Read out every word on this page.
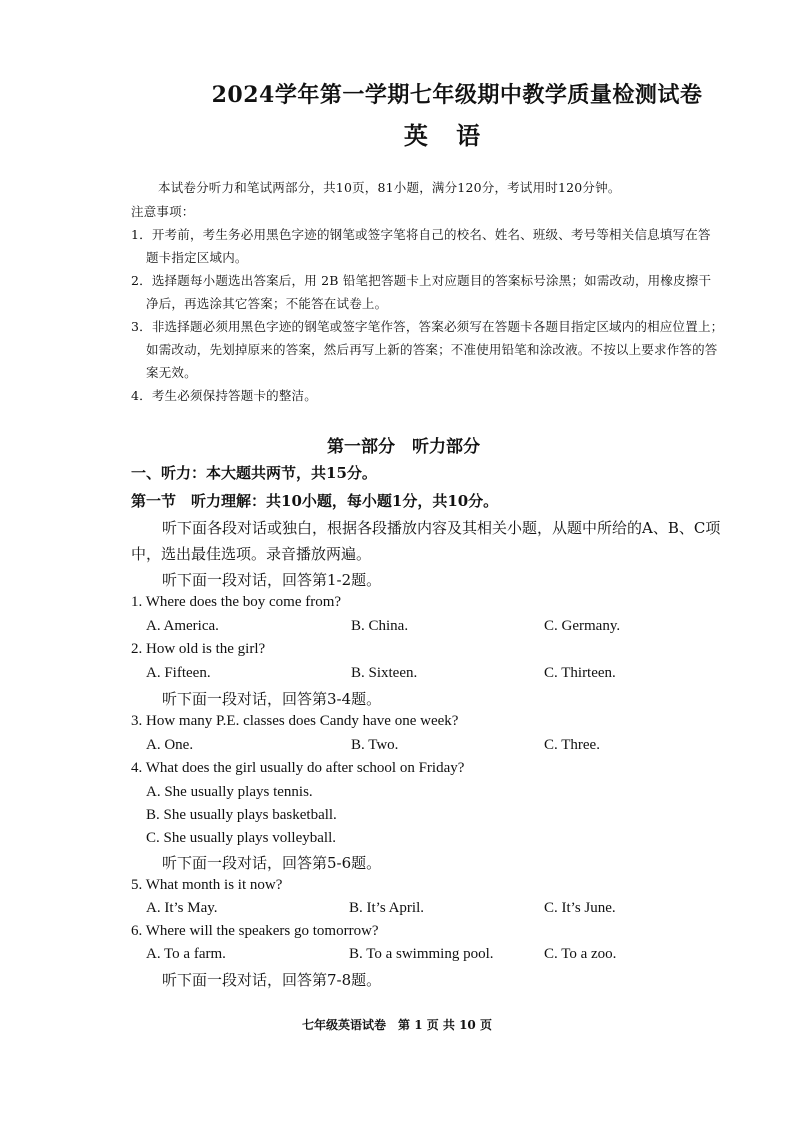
2024学年第一学期七年级期中教学质量检测试卷
英 语
本试卷分听力和笔试两部分，共10页，81小题，满分120分，考试用时120分钟。
注意事项：
1．开考前，考生务必用黑色字迹的钢笔或签字笔将自己的校名、姓名、班级、考号等相关信息填写在答
题卡指定区域内。
2．选择题每小题选出答案后，用 2B 铅笔把答题卡上对应题目的答案标号涂黑；如需改动，用橡皮擦干
净后，再选涂其它答案；不能答在试卷上。
3．非选择题必须用黑色字迹的钢笔或签字笔作答，答案必须写在答题卡各题目指定区域内的相应位置上；
如需改动，先划掉原来的答案，然后再写上新的答案；不准使用铅笔和涂改液。不按以上要求作答的答
案无效。
4．考生必须保持答题卡的整洁。
第一部分　听力部分
一、听力：本大题共两节，共15分。
第一节　听力理解：共10小题，每小题1分，共10分。
听下面各段对话或独白，根据各段播放内容及其相关小题，从题中所给的A、B、C项
中，选出最佳选项。录音播放两遍。
听下面一段对话，回答第1-2题。
1. Where does the boy come from?
A. America.	B. China.	C. Germany.
2. How old is the girl?
A. Fifteen.	B. Sixteen.	C. Thirteen.
听下面一段对话，回答第3-4题。
3. How many P.E. classes does Candy have one week?
A. One.	B. Two.	C. Three.
4. What does the girl usually do after school on Friday?
A. She usually plays tennis.
B. She usually plays basketball.
C. She usually plays volleyball.
听下面一段对话，回答第5-6题。
5. What month is it now?
A. It’s May.	B. It’s April.	C. It’s June.
6. Where will the speakers go tomorrow?
A. To a farm.	B. To a swimming pool.	C. To a zoo.
听下面一段对话，回答第7-8题。
七年级英语试卷　第 1 页 共 10 页
